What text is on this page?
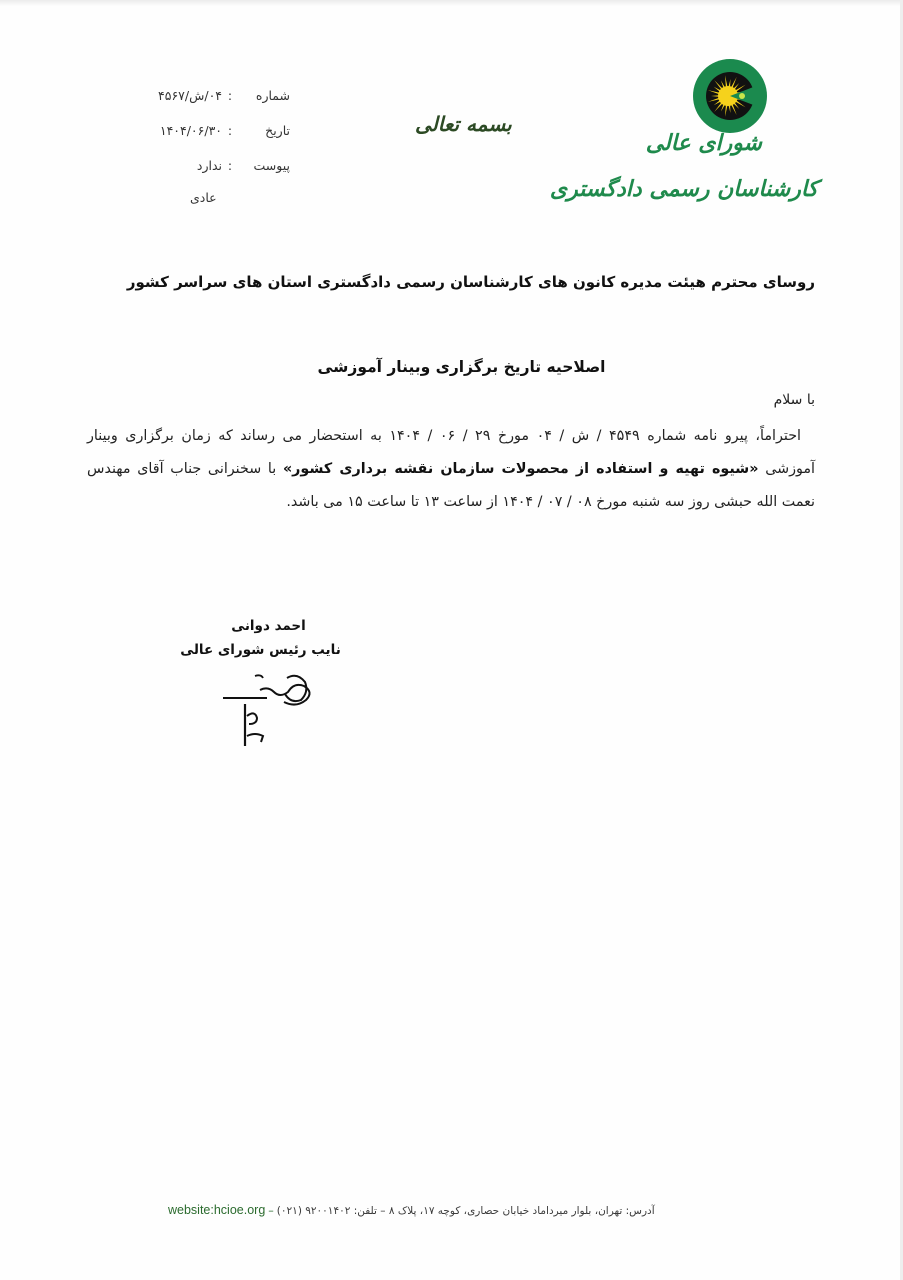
شماره
:
۰۴/ش/۴۵۶۷
تاریخ
:
۱۴۰۴/۰۶/۳۰
پیوست
:
ندارد
عادی
بسمه تعالی
شورای عالی
کارشناسان رسمی دادگستری
روسای محترم هیئت مدیره کانون های کارشناسان رسمی دادگستری استان های سراسر کشور
اصلاحیه تاریخ برگزاری وبینار آموزشی
با سلام
احتراماً، پیرو نامه شماره ۴۵۴۹ / ش / ۰۴ مورخ ۲۹ / ۰۶ / ۱۴۰۴ به استحضار می رساند که زمان برگزاری وبینار
آموزشی «شیوه تهیه و استفاده از محصولات سازمان نقشه برداری کشور» با سخنرانی جناب آقای مهندس
نعمت الله حبشی روز سه شنبه مورخ ۰۸ / ۰۷ / ۱۴۰۴ از ساعت ۱۳ تا ساعت ۱۵ می باشد.
احمد دوانی
نایب رئیس شورای عالی
website:hcioe.org – آدرس: تهران، بلوار میرداماد خیابان حصاری، کوچه ۱۷، پلاک ۸ – تلفن: ۹۲۰۰۱۴۰۲ (۰۲۱)
